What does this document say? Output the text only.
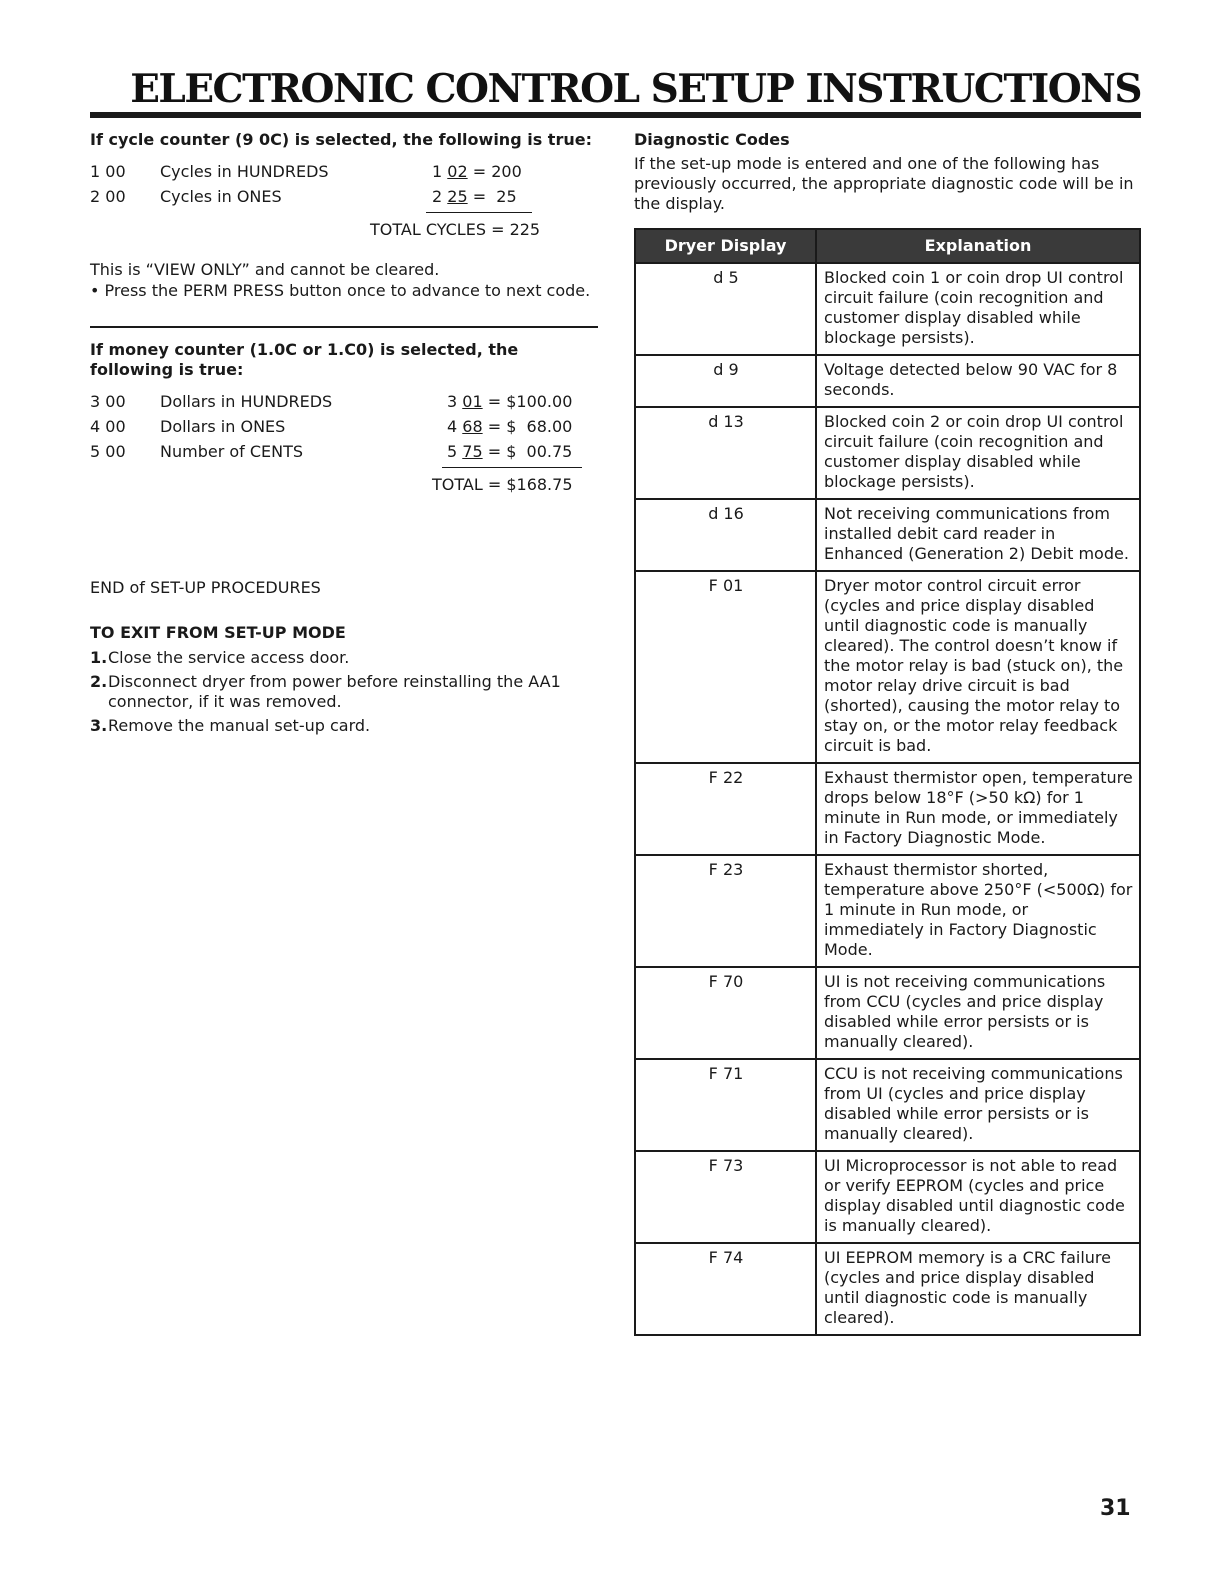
ELECTRONIC CONTROL SETUP INSTRUCTIONS
If cycle counter (9 0C) is selected, the following is true:
1 00 Cycles in HUNDREDS	1 02 = 200
2 00 Cycles in ONES	2 25 =  25
TOTAL CYCLES = 225
This is “VIEW ONLY” and cannot be cleared.
• Press the PERM PRESS button once to advance to next code.
If money counter (1.0C or 1.C0) is selected, the following is true:
3 00 Dollars in HUNDREDS	3 01 = $100.00
4 00 Dollars in ONES	4 68 = $  68.00
5 00 Number of CENTS	5 75 = $  00.75
TOTAL = $168.75
END of SET-UP PROCEDURES
TO EXIT FROM SET-UP MODE
1. Close the service access door.
2. Disconnect dryer from power before reinstalling the AA1 connector, if it was removed.
3. Remove the manual set-up card.
Diagnostic Codes
If the set-up mode is entered and one of the following has previously occurred, the appropriate diagnostic code will be in the display.
Dryer Display	Explanation
d 5	Blocked coin 1 or coin drop UI control circuit failure (coin recognition and customer display disabled while blockage persists).
d 9	Voltage detected below 90 VAC for 8 seconds.
d 13	Blocked coin 2 or coin drop UI control circuit failure (coin recognition and customer display disabled while blockage persists).
d 16	Not receiving communications from installed debit card reader in Enhanced (Generation 2) Debit mode.
F 01	Dryer motor control circuit error (cycles and price display disabled until diagnostic code is manually cleared). The control doesn’t know if the motor relay is bad (stuck on), the motor relay drive circuit is bad (shorted), causing the motor relay to stay on, or the motor relay feedback circuit is bad.
F 22	Exhaust thermistor open, temperature drops below 18°F (>50 kΩ) for 1 minute in Run mode, or immediately in Factory Diagnostic Mode.
F 23	Exhaust thermistor shorted, temperature above 250°F (<500Ω) for 1 minute in Run mode, or immediately in Factory Diagnostic Mode.
F 70	UI is not receiving communications from CCU (cycles and price display disabled while error persists or is manually cleared).
F 71	CCU is not receiving communications from UI (cycles and price display disabled while error persists or is manually cleared).
F 73	UI Microprocessor is not able to read or verify EEPROM (cycles and price display disabled until diagnostic code is manually cleared).
F 74	UI EEPROM memory is a CRC failure (cycles and price display disabled until diagnostic code is manually cleared).
31
